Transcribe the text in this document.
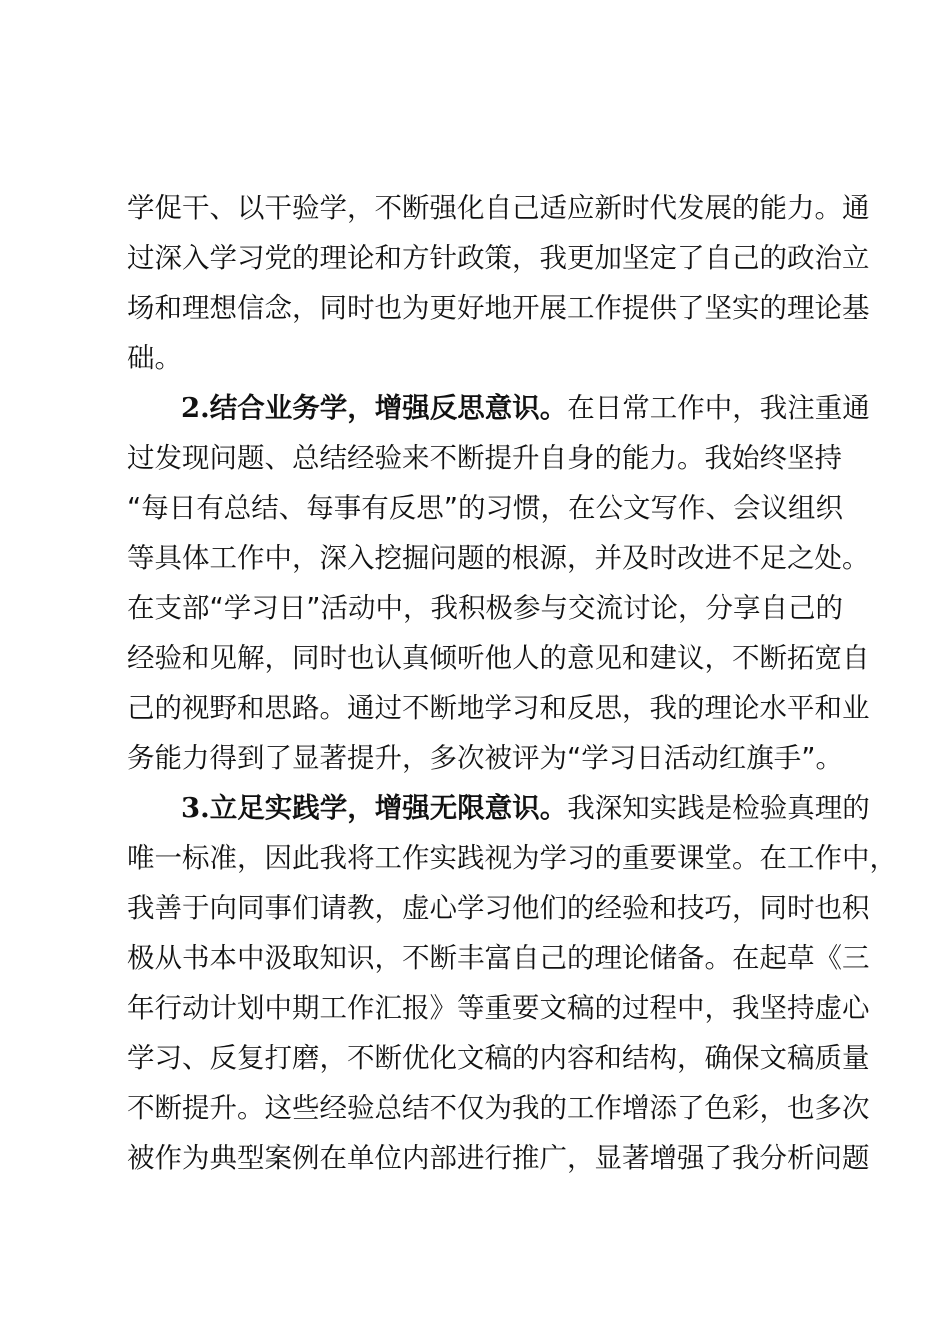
学促干、以干验学，不断强化自己适应新时代发展的能力。通
过深入学习党的理论和方针政策，我更加坚定了自己的政治立
场和理想信念，同时也为更好地开展工作提供了坚实的理论基
础。
2.结合业务学，增强反思意识。在日常工作中，我注重通
过发现问题、总结经验来不断提升自身的能力。我始终坚持
“每日有总结、每事有反思”的习惯，在公文写作、会议组织
等具体工作中，深入挖掘问题的根源，并及时改进不足之处。
在支部“学习日”活动中，我积极参与交流讨论，分享自己的
经验和见解，同时也认真倾听他人的意见和建议，不断拓宽自
己的视野和思路。通过不断地学习和反思，我的理论水平和业
务能力得到了显著提升，多次被评为“学习日活动红旗手”。
3.立足实践学，增强无限意识。我深知实践是检验真理的
唯一标准，因此我将工作实践视为学习的重要课堂。在工作中，
我善于向同事们请教，虚心学习他们的经验和技巧，同时也积
极从书本中汲取知识，不断丰富自己的理论储备。在起草《三
年行动计划中期工作汇报》等重要文稿的过程中，我坚持虚心
学习、反复打磨，不断优化文稿的内容和结构，确保文稿质量
不断提升。这些经验总结不仅为我的工作增添了色彩，也多次
被作为典型案例在单位内部进行推广，显著增强了我分析问题
